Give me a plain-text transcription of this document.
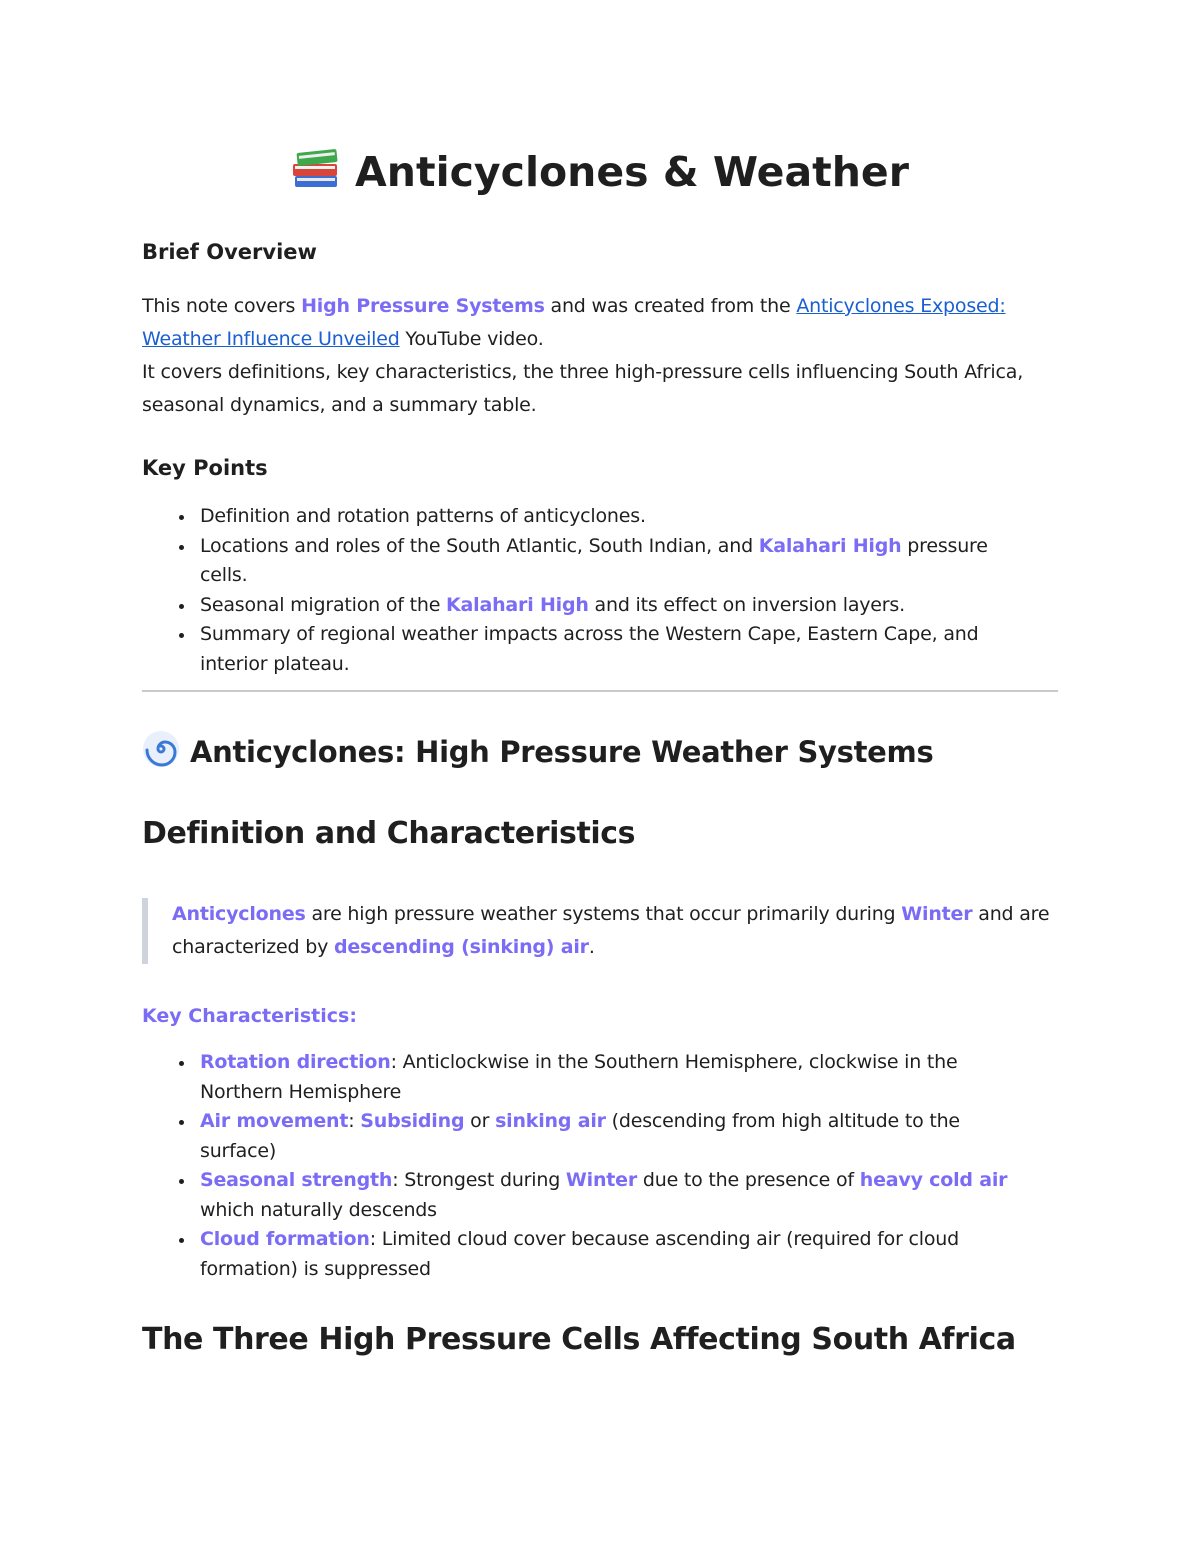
Anticyclones & Weather
Brief Overview

This note covers High Pressure Systems and was created from the Anticyclones Exposed: Weather Influence Unveiled YouTube video.

It covers definitions, key characteristics, the three high-pressure cells influencing South Africa, seasonal dynamics, and a summary table.

Key Points
Definition and rotation patterns of anticyclones.
Locations and roles of the South Atlantic, South Indian, and Kalahari High pressure cells.
Seasonal migration of the Kalahari High and its effect on inversion layers.
Summary of regional weather impacts across the Western Cape, Eastern Cape, and interior plateau.
Anticyclones: High Pressure Weather Systems
Definition and Characteristics
Anticyclones are high pressure weather systems that occur primarily during Winter and are characterized by descending (sinking) air.
Key Characteristics:
Rotation direction: Anticlockwise in the Southern Hemisphere, clockwise in the Northern Hemisphere
Air movement: Subsiding or sinking air (descending from high altitude to the surface)
Seasonal strength: Strongest during Winter due to the presence of heavy cold air which naturally descends
Cloud formation: Limited cloud cover because ascending air (required for cloud formation) is suppressed
The Three High Pressure Cells Affecting South Africa
